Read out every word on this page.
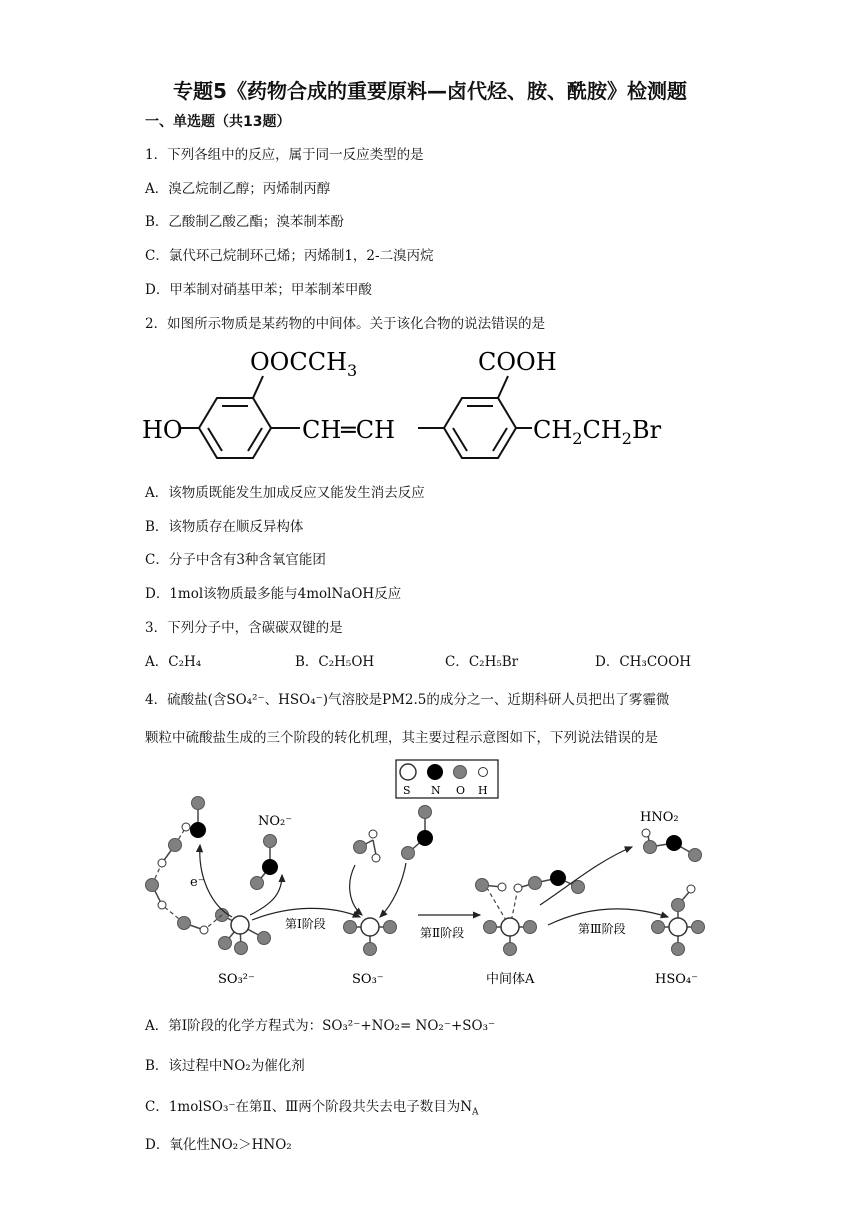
专题5《药物合成的重要原料—卤代烃、胺、酰胺》检测题
一、单选题（共13题）
1．下列各组中的反应，属于同一反应类型的是
A．溴乙烷制乙醇；丙烯制丙醇
B．乙酸制乙酸乙酯；溴苯制苯酚
C．氯代环己烷制环己烯；丙烯制1，2-二溴丙烷
D．甲苯制对硝基甲苯；甲苯制苯甲酸
2．如图所示物质是某药物的中间体。关于该化合物的说法错误的是
HO
$OOCCH_3$
CH═CH
COOH
$CH_2CH_2Br$
A．该物质既能发生加成反应又能发生消去反应
B．该物质存在顺反异构体
C．分子中含有3种含氧官能团
D．1mol该物质最多能与4molNaOH反应
3．下列分子中，含碳碳双键的是
A．C₂H₄	B．C₂H₅OH	C．C₂H₅Br	D．CH₃COOH
4．硫酸盐(含SO₄²⁻、HSO₄⁻)气溶胶是PM2.5的成分之一、近期科研人员把出了雾霾微
颗粒中硫酸盐生成的三个阶段的转化机理，其主要过程示意图如下，下列说法错误的是
S N O H
NO₂⁻
e⁻
第Ⅰ阶段
第Ⅱ阶段
HNO₂
第Ⅲ阶段
SO₃²⁻	SO₃⁻	中间体A	HSO₄⁻
A．第Ⅰ阶段的化学方程式为：SO₃²⁻+NO₂= NO₂⁻+SO₃⁻
B．该过程中NO₂为催化剂
C．1molSO₃⁻在第Ⅱ、Ⅲ两个阶段共失去电子数目为$N_A$
D．氧化性NO₂＞HNO₂
